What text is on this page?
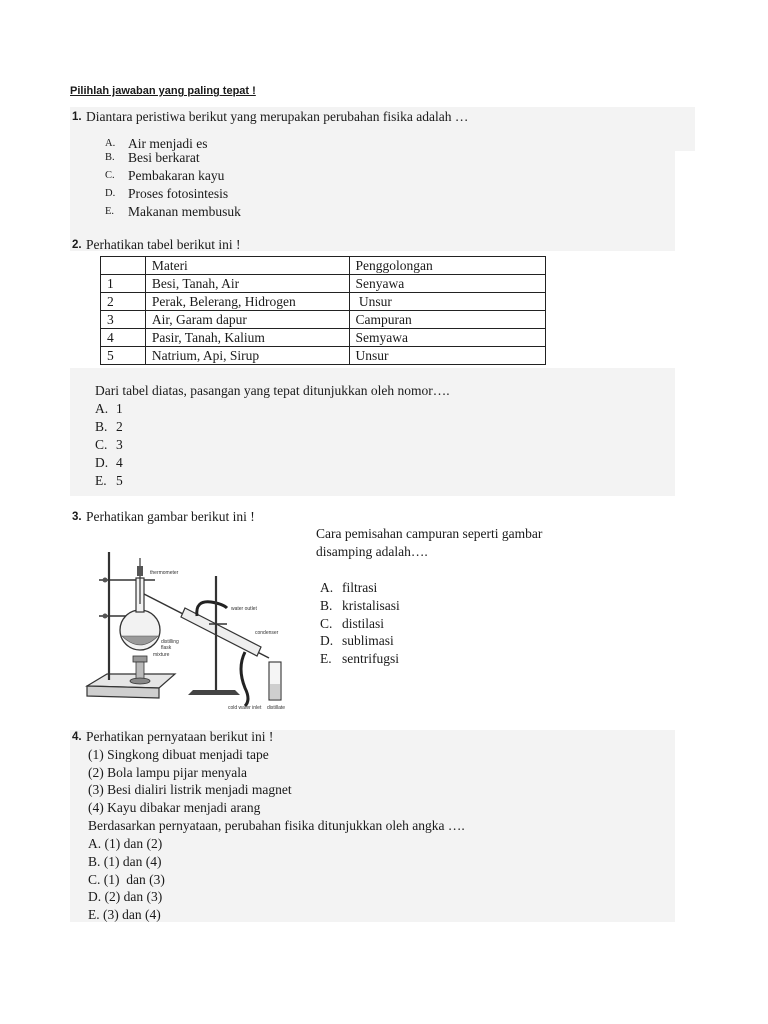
Pilihlah jawaban yang paling tepat !
1. Diantara peristiwa berikut yang merupakan perubahan fisika adalah …
A. Air menjadi es
B. Besi berkarat
C. Pembakaran kayu
D. Proses fotosintesis
E. Makanan membusuk
2. Perhatikan tabel berikut ini !
	Materi	Penggolongan
1	Besi, Tanah, Air	Senyawa
2	Perak, Belerang, Hidrogen	Unsur
3	Air, Garam dapur	Campuran
4	Pasir, Tanah, Kalium	Semyawa
5	Natrium, Api, Sirup	Unsur
Dari tabel diatas, pasangan yang tepat ditunjukkan oleh nomor….
A. 1
B. 2
C. 3
D. 4
E. 5
3. Perhatikan gambar berikut ini !
Cara pemisahan campuran seperti gambar
disamping adalah….
A. filtrasi
B. kristalisasi
C. distilasi
D. sublimasi
E. sentrifugsi
thermometer
water outlet
condenser
distilling
flask
mixture
cold water inlet distillate
4. Perhatikan pernyataan berikut ini !
(1) Singkong dibuat menjadi tape
(2) Bola lampu pijar menyala
(3) Besi dialiri listrik menjadi magnet
(4) Kayu dibakar menjadi arang
Berdasarkan pernyataan, perubahan fisika ditunjukkan oleh angka ….
A. (1) dan (2)
B. (1) dan (4)
C. (1)  dan (3)
D. (2) dan (3)
E. (3) dan (4)
